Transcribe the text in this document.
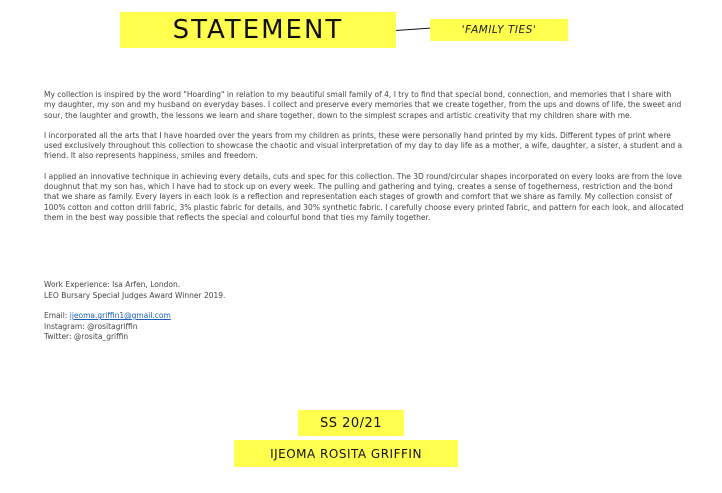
STATEMENT	'FAMILY TIES'

My collection is inspired by the word "Hoarding" in relation to my beautiful small family of 4, I try to find that special bond, connection, and memories that I share with my daughter, my son and my husband on everyday bases. I collect and preserve every memories that we create together, from the ups and downs of life, the sweet and sour, the laughter and growth, the lessons we learn and share together, down to the simplest scrapes and artistic creativity that my children share with me.

I incorporated all the arts that I have hoarded over the years from my children as prints, these were personally hand printed by my kids. Different types of print where used exclusively throughout this collection to showcase the chaotic and visual interpretation of my day to day life as a mother, a wife, daughter, a sister, a student and a friend. It also represents happiness, smiles and freedom.

I applied an innovative technique in achieving every details, cuts and spec for this collection. The 3D round/circular shapes incorporated on every looks are from the love doughnut that my son has, which I have had to stock up on every week. The pulling and gathering and tying, creates a sense of togetherness, restriction and the bond that we share as family. Every layers in each look is a reflection and representation each stages of growth and comfort that we share as family. My collection consist of 100% cotton and cotton drill fabric, 3% plastic fabric for details, and 30% synthetic fabric. I carefully choose every printed fabric, and pattern for each look, and allocated them in the best way possible that reflects the special and colourful bond that ties my family together.

Work Experience: Isa Arfen, London.
LEO Bursary Special Judges Award Winner 2019.
Email: ijeoma.griffin1@gmail.com
Instagram: @rositagriffin
Twitter: @rosita_griffin
SS 20/21
IJEOMA ROSITA GRIFFIN
